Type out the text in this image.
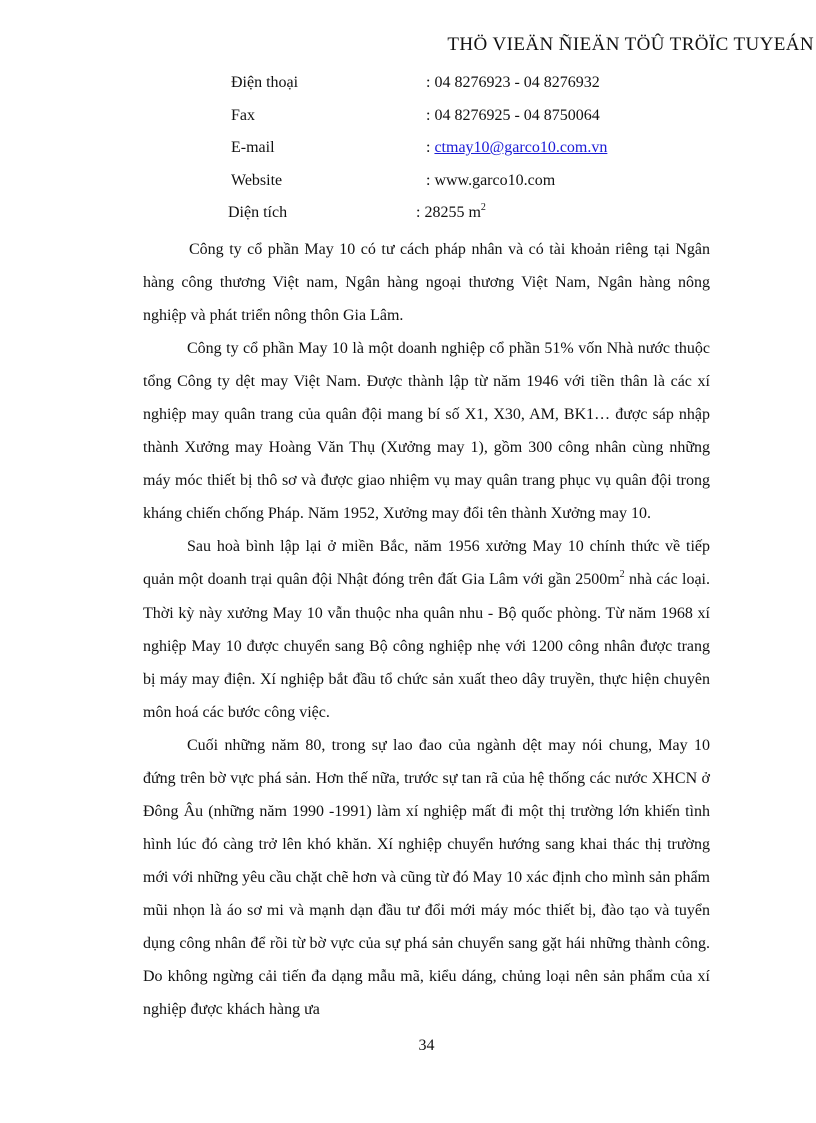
THÖ VIEÄN ÑIEÄN TÖÛ TRÖÏC TUYEÁN
Điện thoại	: 04 8276923 - 04 8276932
Fax	: 04 8276925 - 04 8750064
E-mail	: ctmay10@garco10.com.vn
Website	: www.garco10.com
Diện tích	: 28255 $m^2$

Công ty cổ phần May 10 có tư cách pháp nhân và có tài khoản riêng tại Ngân hàng công thương Việt nam, Ngân hàng ngoại thương Việt Nam, Ngân hàng nông nghiệp và phát triển nông thôn Gia Lâm.

Công ty cổ phần May 10 là một doanh nghiệp cổ phần 51% vốn Nhà nước thuộc tổng Công ty dệt may Việt Nam. Được thành lập từ năm 1946 với tiền thân là các xí nghiệp may quân trang của quân đội mang bí số X1, X30, AM, BK1… được sáp nhập thành Xưởng may Hoàng Văn Thụ (Xưởng may 1), gồm 300 công nhân cùng những máy móc thiết bị thô sơ và được giao nhiệm vụ may quân trang phục vụ quân đội trong kháng chiến chống Pháp. Năm 1952, Xưởng may đổi tên thành Xưởng may 10.

Sau hoà bình lập lại ở miền Bắc, năm 1956 xưởng May 10 chính thức về tiếp quản một doanh trại quân đội Nhật đóng trên đất Gia Lâm với gần $2500m^2$ nhà các loại. Thời kỳ này xưởng May 10 vẫn thuộc nha quân nhu - Bộ quốc phòng. Từ năm 1968 xí nghiệp May 10 được chuyển sang Bộ công nghiệp nhẹ với 1200 công nhân được trang bị máy may điện. Xí nghiệp bắt đầu tổ chức sản xuất theo dây truyền, thực hiện chuyên môn hoá các bước công việc.

Cuối những năm 80, trong sự lao đao của ngành dệt may nói chung, May 10 đứng trên bờ vực phá sản. Hơn thế nữa, trước sự tan rã của hệ thống các nước XHCN ở Đông Âu (những năm 1990 -1991) làm xí nghiệp mất đi một thị trường lớn khiến tình hình lúc đó càng trở lên khó khăn. Xí nghiệp chuyển hướng sang khai thác thị trường mới với những yêu cầu chặt chẽ hơn và cũng từ đó May 10 xác định cho mình sản phẩm mũi nhọn là áo sơ mi và mạnh dạn đầu tư đổi mới máy móc thiết bị, đào tạo và tuyển dụng công nhân để rồi từ bờ vực của sự phá sản chuyển sang gặt hái những thành công. Do không ngừng cải tiến đa dạng mẫu mã, kiểu dáng, chủng loại nên sản phẩm của xí nghiệp được khách hàng ưa

34
